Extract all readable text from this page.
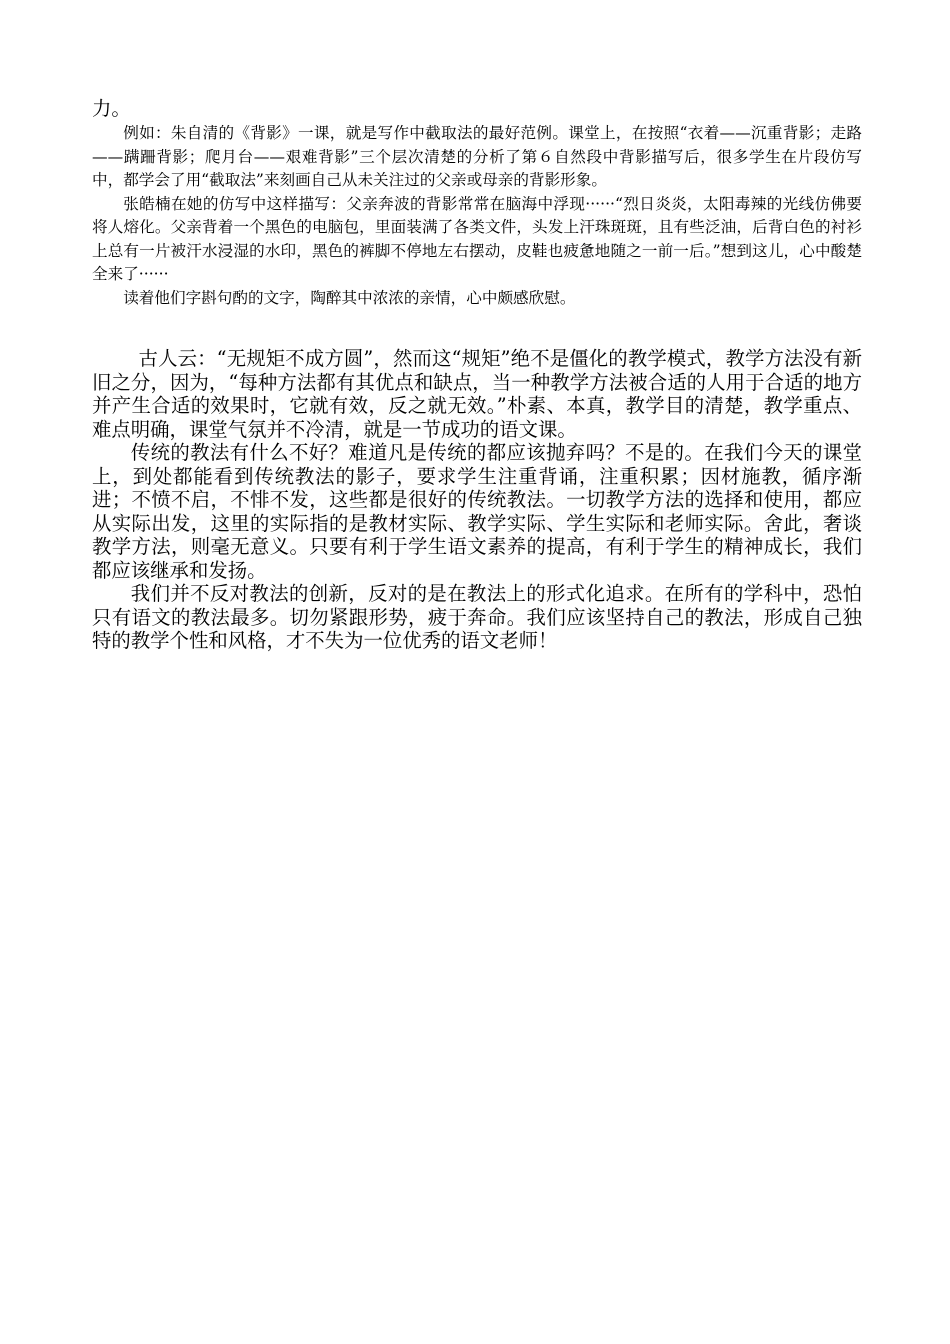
力。

例如：朱自清的《背影》一课，就是写作中截取法的最好范例。课堂上，在按照“衣着——沉重背影；走路——蹒跚背影；爬月台——艰难背影”三个层次清楚的分析了第６自然段中背影描写后，很多学生在片段仿写中，都学会了用“截取法”来刻画自己从未关注过的父亲或母亲的背影形象。

张皓楠在她的仿写中这样描写：父亲奔波的背影常常在脑海中浮现······“烈日炎炎，太阳毒辣的光线仿佛要将人熔化。父亲背着一个黑色的电脑包，里面装满了各类文件，头发上汗珠斑斑，且有些泛油，后背白色的衬衫上总有一片被汗水浸湿的水印，黑色的裤脚不停地左右摆动，皮鞋也疲惫地随之一前一后。”想到这儿，心中酸楚全来了······

读着他们字斟句酌的文字，陶醉其中浓浓的亲情，心中颇感欣慰。

古人云：“无规矩不成方圆”，然而这“规矩”绝不是僵化的教学模式，教学方法没有新旧之分，因为，“每种方法都有其优点和缺点，当一种教学方法被合适的人用于合适的地方并产生合适的效果时，它就有效，反之就无效。”朴素、本真，教学目的清楚，教学重点、难点明确，课堂气氛并不冷清，就是一节成功的语文课。

传统的教法有什么不好？难道凡是传统的都应该抛弃吗？不是的。在我们今天的课堂上，到处都能看到传统教法的影子，要求学生注重背诵，注重积累；因材施教，循序渐进；不愤不启，不悱不发，这些都是很好的传统教法。一切教学方法的选择和使用，都应从实际出发，这里的实际指的是教材实际、教学实际、学生实际和老师实际。舍此，奢谈教学方法，则毫无意义。只要有利于学生语文素养的提高，有利于学生的精神成长，我们都应该继承和发扬。

我们并不反对教法的创新，反对的是在教法上的形式化追求。在所有的学科中，恐怕只有语文的教法最多。切勿紧跟形势，疲于奔命。我们应该坚持自己的教法，形成自己独特的教学个性和风格，才不失为一位优秀的语文老师！
